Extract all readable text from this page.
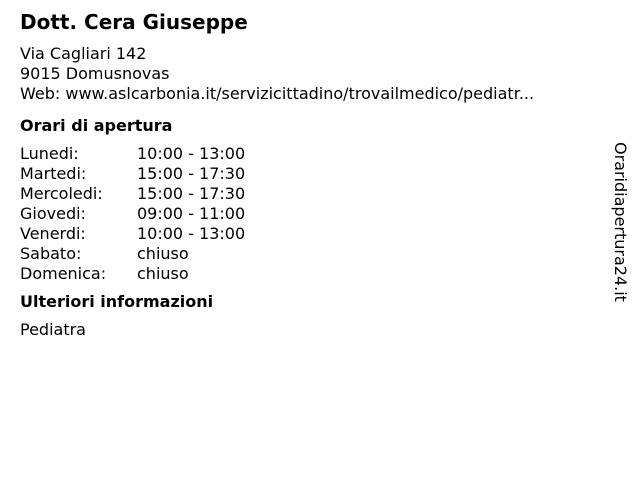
Dott. Cera Giuseppe
Via Cagliari 142
9015 Domusnovas
Web: www.aslcarbonia.it/servizicittadino/trovailmedico/pediatr...
Orari di apertura
Lunedi:	10:00 - 13:00
Martedi:	15:00 - 17:30
Mercoledi:	15:00 - 17:30
Giovedi:	09:00 - 11:00
Venerdi:	10:00 - 13:00
Sabato:	chiuso
Domenica:	chiuso
Ulteriori informazioni
Pediatra
Oraridiapertura24.it
